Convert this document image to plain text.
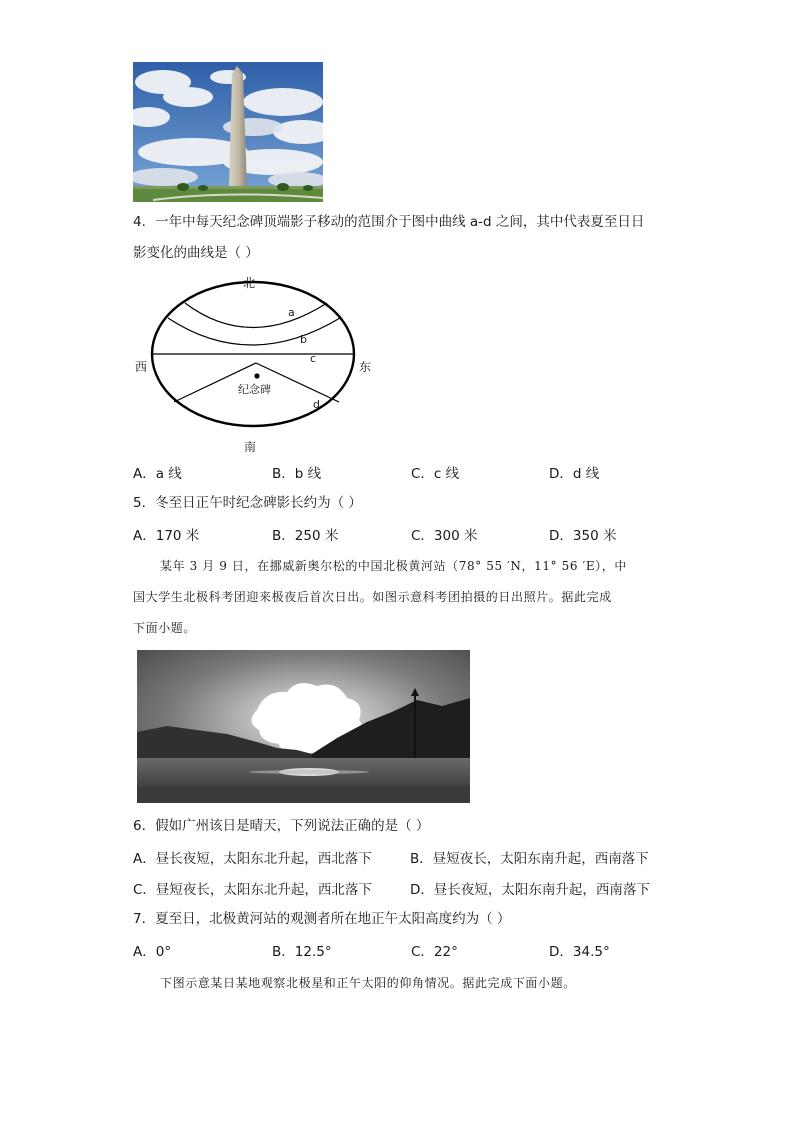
4．一年中每天纪念碑顶端影子移动的范围介于图中曲线 a-d 之间，其中代表夏至日日
影变化的曲线是（ ）
北
南
西	东
a
b
c
d
纪念碑
A．a 线	B．b 线	C．c 线	D．d 线
5．冬至日正午时纪念碑影长约为（ ）
A．170 米	B．250 米	C．300 米	D．350 米
某年 3 月 9 日，在挪威新奥尔松的中国北极黄河站（78° 55 ′N，11° 56 ′E），中
国大学生北极科考团迎来极夜后首次日出。如图示意科考团拍摄的日出照片。据此完成
下面小题。
6．假如广州该日是晴天，下列说法正确的是（ ）
A．昼长夜短，太阳东北升起，西北落下	B．昼短夜长，太阳东南升起，西南落下
C．昼短夜长，太阳东北升起，西北落下	D．昼长夜短，太阳东南升起，西南落下
7．夏至日，北极黄河站的观测者所在地正午太阳高度约为（ ）
A．0°	B．12.5°	C．22°	D．34.5°
下图示意某日某地观察北极星和正午太阳的仰角情况。据此完成下面小题。
